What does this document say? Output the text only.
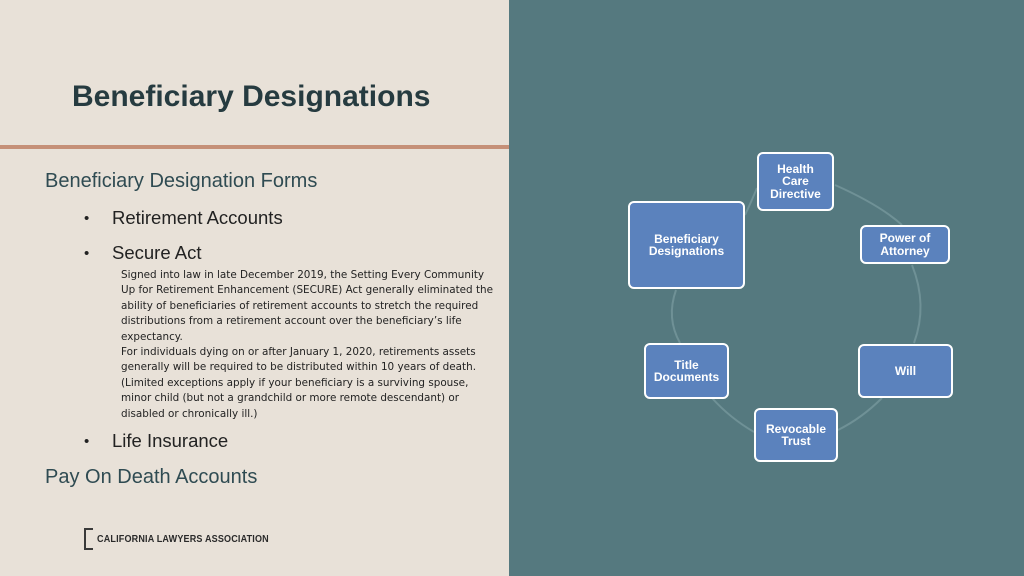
Beneficiary Designations
Beneficiary Designation Forms
• Retirement Accounts
• Secure Act

Signed into law in late December 2019, the Setting Every Community Up for Retirement Enhancement (SECURE) Act generally eliminated the ability of beneficiaries of retirement accounts to stretch the required distributions from a retirement account over the beneficiary’s life expectancy.

For individuals dying on or after January 1, 2020, retirements assets generally will be required to be distributed within 10 years of death. (Limited exceptions apply if your beneficiary is a surviving spouse, minor child (but not a grandchild or more remote descendant) or disabled or chronically ill.)

• Life Insurance
Pay On Death Accounts
CALIFORNIA LAWYERS ASSOCIATION
Health
Care
Directive
Power of
Attorney
Will
Revocable
Trust
Title
Documents
Beneficiary
Designations
